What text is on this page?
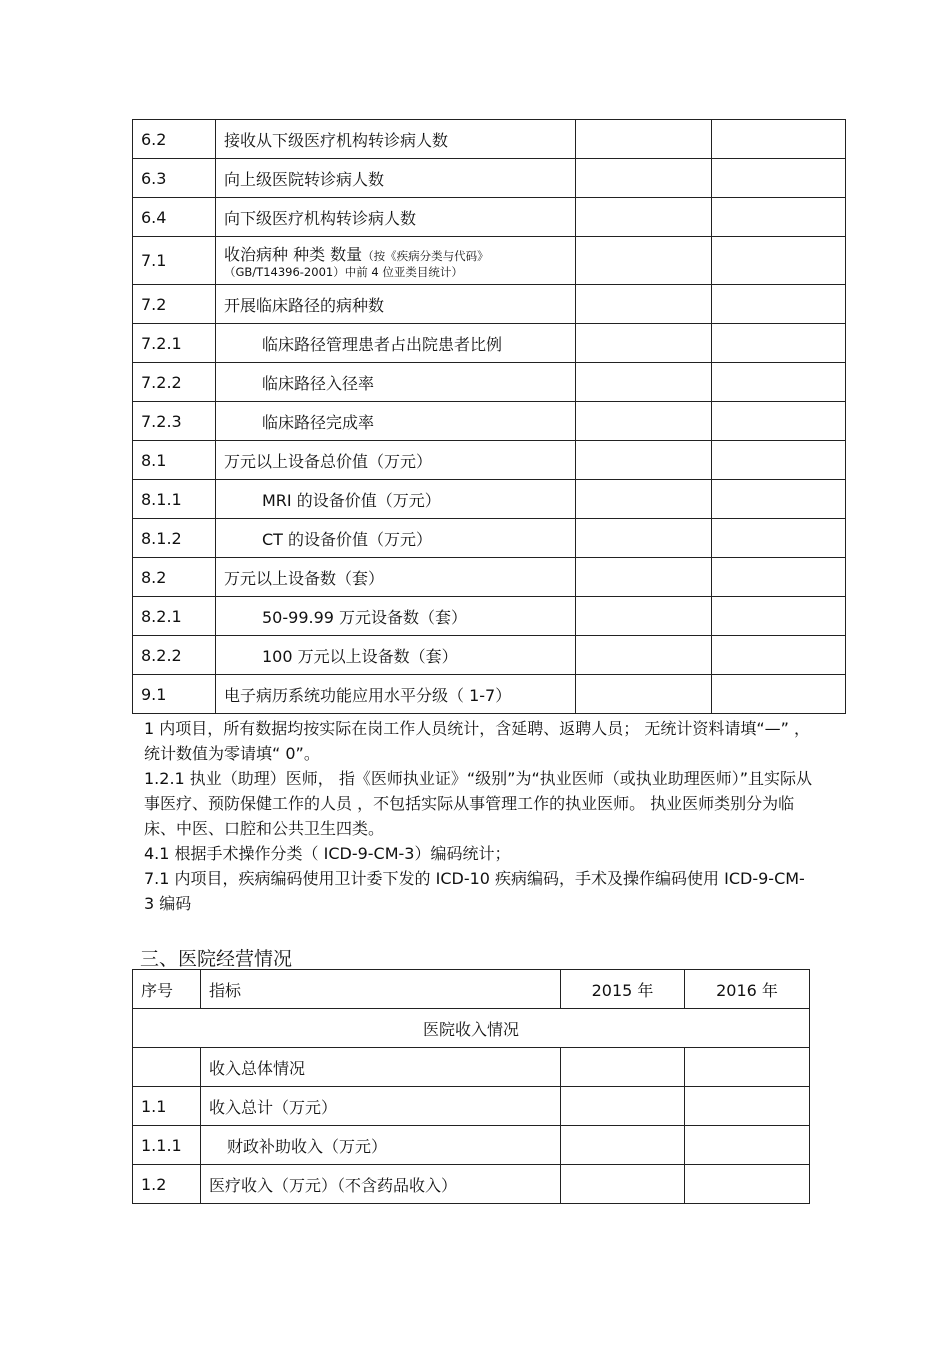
6.2	接收从下级医疗机构转诊病人数		
6.3	向上级医院转诊病人数		
6.4	向下级医疗机构转诊病人数		
7.1	收治病种 种类 数量（按《疾病分类与代码》
（GB/T14396-2001）中前 4 位亚类目统计）		

7.2	开展临床路径的病种数		
7.2.1	临床路径管理患者占出院患者比例		
7.2.2	临床路径入径率		
7.2.3	临床路径完成率		
8.1	万元以上设备总价值（万元）		
8.1.1	MRI 的设备价值（万元）		
8.1.2	CT 的设备价值（万元）		
8.2	万元以上设备数（套）		
8.2.1	50-99.99 万元设备数（套）		
8.2.2	100 万元以上设备数（套）		
9.1	电子病历系统功能应用水平分级（ 1-7）		

1 内项目，所有数据均按实际在岗工作人员统计，含延聘、返聘人员； 无统计资料请填“—” ，统计数值为零请填“ 0”。

1.2.1 执业（助理）医师， 指《医师执业证》“级别”为“执业医师（或执业助理医师）”且实际从事医疗、预防保健工作的人员 ，不包括实际从事管理工作的执业医师。 执业医师类别分为临床、中医、口腔和公共卫生四类。

4.1 根据手术操作分类（ ICD-9-CM-3）编码统计；

7.1 内项目，疾病编码使用卫计委下发的 ICD-10 疾病编码，手术及操作编码使用 ICD-9-CM-3 编码

三、医院经营情况
序号	指标	2015 年	2016 年
医院收入情况			
	收入总体情况		
1.1	收入总计（万元）		
1.1.1	财政补助收入（万元）		
1.2	医疗收入（万元）（不含药品收入）		
